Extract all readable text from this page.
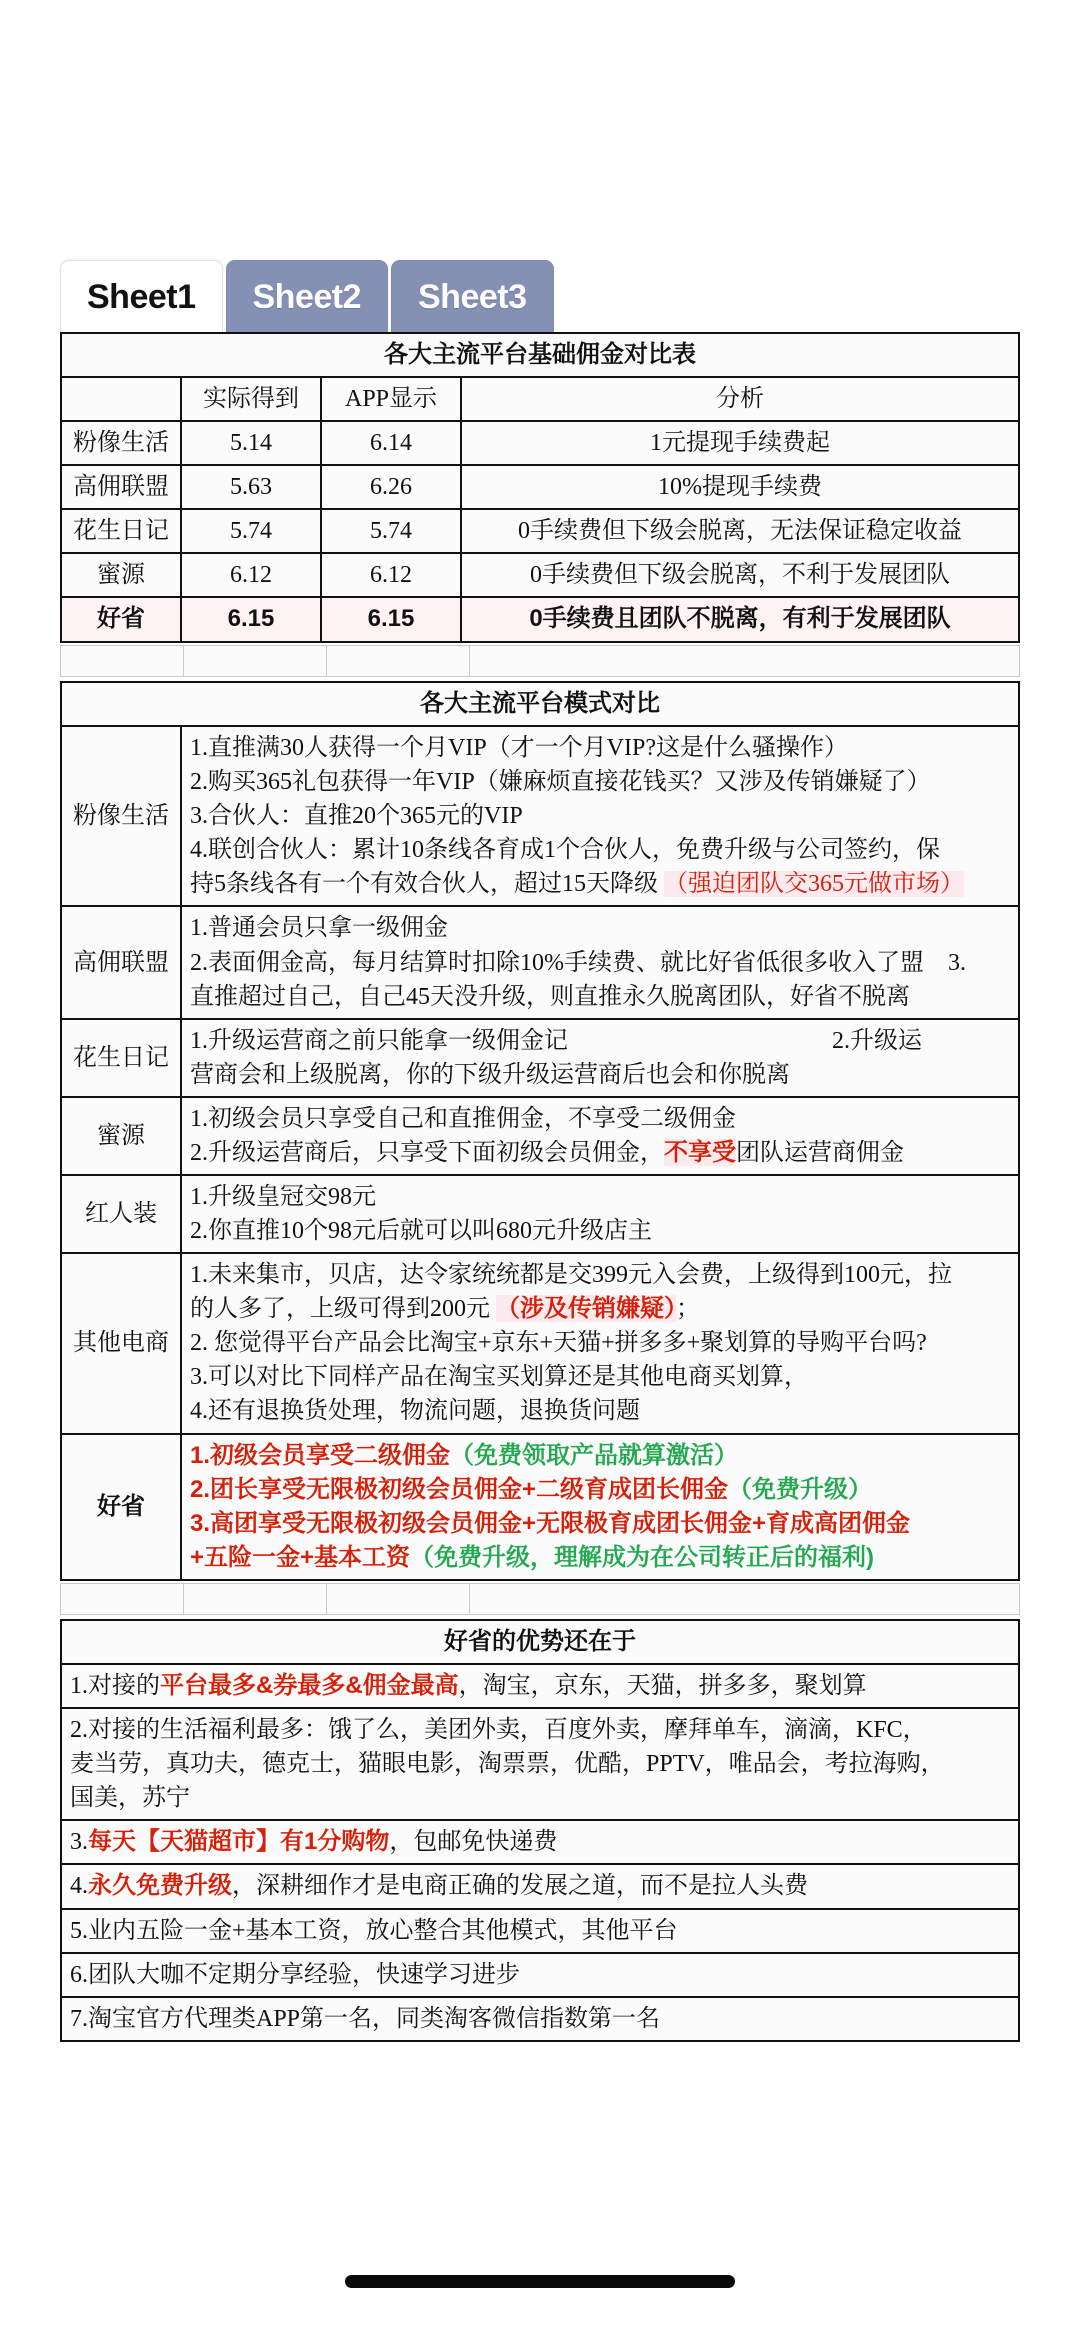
Sheet1	Sheet2	Sheet3
各大主流平台基础佣金对比表			
	实际得到	APP显示	分析
粉像生活	5.14	6.14	1元提现手续费起
高佣联盟	5.63	6.26	10%提现手续费
花生日记	5.74	5.74	0手续费但下级会脱离，无法保证稳定收益
蜜源	6.12	6.12	0手续费但下级会脱离，不利于发展团队
好省	6.15	6.15	0手续费且团队不脱离，有利于发展团队

各大主流平台模式对比	
粉像生活	1.直推满30人获得一个月VIP（才一个月VIP?这是什么骚操作）
2.购买365礼包获得一年VIP（嫌麻烦直接花钱买？又涉及传销嫌疑了）
3.合伙人：直推20个365元的VIP
4.联创合伙人：累计10条线各育成1个合伙人，免费升级与公司签约，保
持5条线各有一个有效合伙人，超过15天降级 （强迫团队交365元做市场）

高佣联盟	1.普通会员只拿一级佣金
2.表面佣金高，每月结算时扣除10%手续费、就比好省低很多收入了盟　3.
直推超过自己，自己45天没升级，则直推永久脱离团队，好省不脱离

花生日记	1.升级运营商之前只能拿一级佣金记　　　　　　　　　　　2.升级运
营商会和上级脱离，你的下级升级运营商后也会和你脱离

蜜源	1.初级会员只享受自己和直推佣金，不享受二级佣金
2.升级运营商后，只享受下面初级会员佣金，不享受团队运营商佣金

红人装	1.升级皇冠交98元
2.你直推10个98元后就可以叫680元升级店主

其他电商	1.未来集市，贝店，达令家统统都是交399元入会费，上级得到100元，拉
的人多了，上级可得到200元 （涉及传销嫌疑）；
2. 您觉得平台产品会比淘宝+京东+天猫+拼多多+聚划算的导购平台吗?
3.可以对比下同样产品在淘宝买划算还是其他电商买划算，
4.还有退换货处理，物流问题，退换货问题

好省	1.初级会员享受二级佣金（免费领取产品就算激活）
2.团长享受无限极初级会员佣金+二级育成团长佣金（免费升级）
3.高团享受无限极初级会员佣金+无限极育成团长佣金+育成高团佣金
+五险一金+基本工资（免费升级，理解成为在公司转正后的福利)

好省的优势还在于

1.对接的平台最多&券最多&佣金最高，淘宝，京东，天猫，拼多多，聚划算

2.对接的生活福利最多：饿了么，美团外卖，百度外卖，摩拜单车，滴滴，KFC，
麦当劳，真功夫，德克士，猫眼电影，淘票票，优酷，PPTV，唯品会，考拉海购，
国美，苏宁

3.每天【天猫超市】有1分购物，包邮免快递费

4.永久免费升级，深耕细作才是电商正确的发展之道，而不是拉人头费

5.业内五险一金+基本工资，放心整合其他模式，其他平台

6.团队大咖不定期分享经验，快速学习进步

7.淘宝官方代理类APP第一名，同类淘客微信指数第一名
